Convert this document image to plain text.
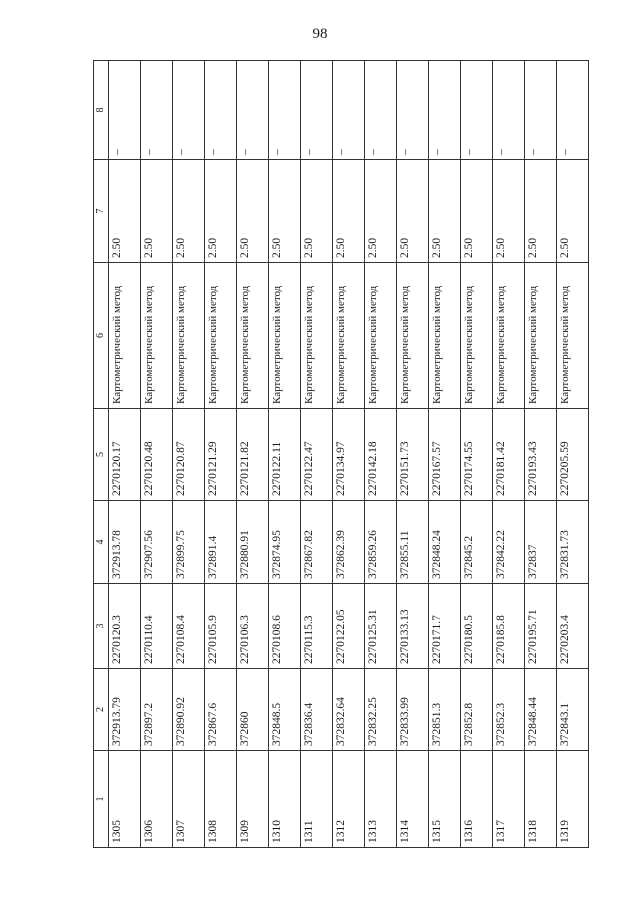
98
1	2	3	4	5	6	7	8
1305	372913.79	2270120.3	372913.78	2270120.17	Картометрический метод	2.50	–
1306	372897.2	2270110.4	372907.56	2270120.48	Картометрический метод	2.50	–
1307	372890.92	2270108.4	372899.75	2270120.87	Картометрический метод	2.50	–
1308	372867.6	2270105.9	372891.4	2270121.29	Картометрический метод	2.50	–
1309	372860	2270106.3	372880.91	2270121.82	Картометрический метод	2.50	–
1310	372848.5	2270108.6	372874.95	2270122.11	Картометрический метод	2.50	–
1311	372836.4	2270115.3	372867.82	2270122.47	Картометрический метод	2.50	–
1312	372832.64	2270122.05	372862.39	2270134.97	Картометрический метод	2.50	–
1313	372832.25	2270125.31	372859.26	2270142.18	Картометрический метод	2.50	–
1314	372833.99	2270133.13	372855.11	2270151.73	Картометрический метод	2.50	–
1315	372851.3	2270171.7	372848.24	2270167.57	Картометрический метод	2.50	–
1316	372852.8	2270180.5	372845.2	2270174.55	Картометрический метод	2.50	–
1317	372852.3	2270185.8	372842.22	2270181.42	Картометрический метод	2.50	–
1318	372848.44	2270195.71	372837	2270193.43	Картометрический метод	2.50	–
1319	372843.1	2270203.4	372831.73	2270205.59	Картометрический метод	2.50	–
